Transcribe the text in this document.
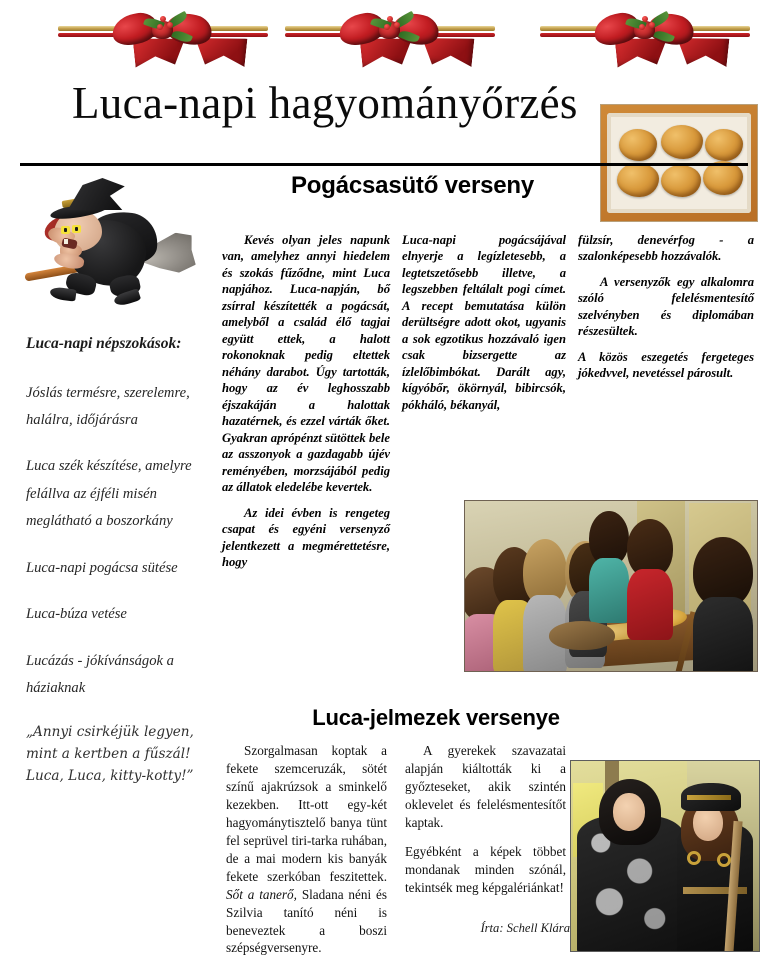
Luca-napi hagyományőrzés
Luca-napi népszokások:
Jóslás termésre, szerelemre, halálra, időjárásra
Luca szék készítése, amelyre felállva az éjféli misén meglátható a boszorkány
Luca-napi pogácsa sütése
Luca-búza vetése
Lucázás - jókívánságok a háziaknak
„Annyi csirkéjük legyen, mint a kertben a fűszál! Luca, Luca, kitty-kotty!”
Pogácsasütő verseny

Kevés olyan jeles napunk van, amelyhez annyi hiedelem és szokás fűződne, mint Luca napjához. Luca-napján, bő zsírral készítették a pogácsát, amelyből a család élő tagjai együtt ettek, a halott rokonoknak pedig eltettek néhány darabot. Úgy tartották, hogy az év leghosszabb éjszakáján a halottak hazatérnek, és ezzel várták őket. Gyakran aprópénzt sütöttek bele az asszonyok a gazdagabb újév reményében, morzsájából pedig az állatok eledelébe kevertek.

Az idei évben is rengeteg csapat és egyéni versenyző jelentkezett a megmérettetésre, hogy

Luca-napi pogácsájával elnyerje a legízletesebb, a legtetszetősebb illetve, a legszebben feltálalt pogi címet. A recept bemutatása külön derültségre adott okot, ugyanis a sok egzotikus hozzávaló igen csak bizsergette az ízlelőbimbókat. Darált agy, kígyóbőr, ökörnyál, bibircsók, pókháló, békanyál,

fülzsír, denevérfog - a szalonképesebb hozzávalók.

A versenyzők egy alkalomra szóló felelésmentesítő szelvényben és diplomában részesültek.

A közös eszegetés fergeteges jókedvvel, nevetéssel párosult.

Luca-jelmezek versenye

Szorgalmasan koptak a fekete szemceruzák, sötét színű ajakrúzsok a sminkelő kezekben. Itt-ott egy-két hagyománytisztelő banya tünt fel seprüvel tiri-tarka ruhában, de a mai modern kis banyák fekete szerkóban feszitettek. Sőt a tanerő, Sladana néni és Szilvia tanító néni is beneveztek a boszi szépségversenyre.

A gyerekek szavazatai alapján kiáltották ki a győzteseket, akik szintén oklevelet és felelésmentesítőt kaptak.

Egyébként a képek többet mondanak minden szónál, tekintsék meg képgalériánkat!

Írta: Schell Klára
